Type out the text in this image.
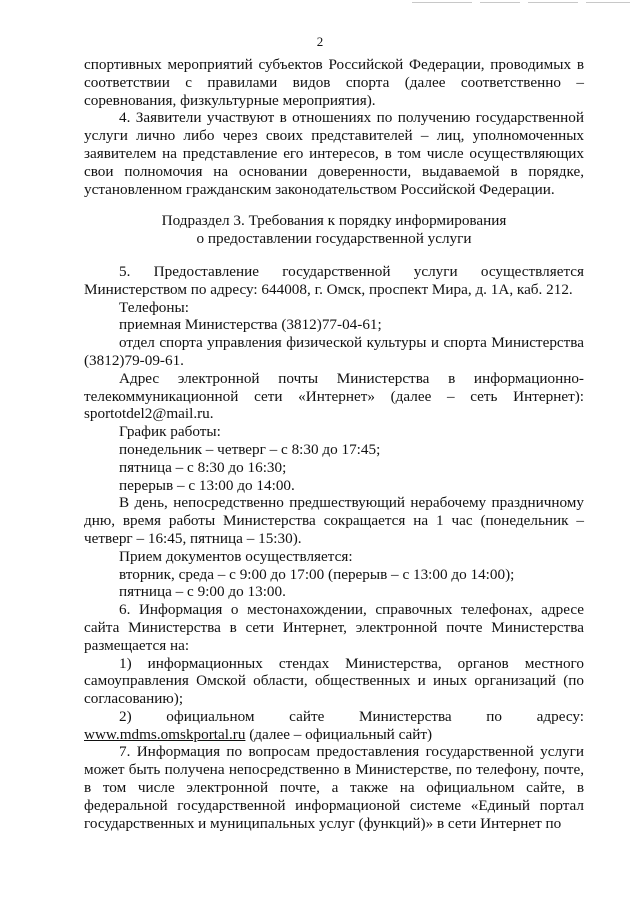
2

спортивных мероприятий субъектов Российской Федерации, проводимых в соответствии с правилами видов спорта (далее соответственно – соревнования, физкультурные мероприятия).

4. Заявители участвуют в отношениях по получению государственной услуги лично либо через своих представителей – лиц, уполномоченных заявителем на представление его интересов, в том числе осуществляющих свои полномочия на основании доверенности, выдаваемой в порядке, установленном гражданским законодательством Российской Федерации.

Подраздел 3. Требования к порядку информирования

о предоставлении государственной услуги

5. Предоставление государственной услуги осуществляется Министерством по адресу: 644008, г. Омск, проспект Мира, д. 1А, каб. 212.

Телефоны:

приемная Министерства (3812)77-04-61;

отдел спорта управления физической культуры и спорта Министерства (3812)79-09-61.

Адрес электронной почты Министерства в информационно-телекоммуникационной сети «Интернет» (далее – сеть Интернет): sportotdel2@mail.ru.

График работы:

понедельник – четверг – с 8:30 до 17:45;

пятница – с 8:30 до 16:30;

перерыв – с 13:00 до 14:00.

В день, непосредственно предшествующий нерабочему праздничному дню, время работы Министерства сокращается на 1 час (понедельник – четверг – 16:45, пятница – 15:30).

Прием документов осуществляется:

вторник, среда – с 9:00 до 17:00 (перерыв – с 13:00 до 14:00);

пятница – с 9:00 до 13:00.

6. Информация о местонахождении, справочных телефонах, адресе сайта Министерства в сети Интернет, электронной почте Министерства размещается на:

1) информационных стендах Министерства, органов местного самоуправления Омской области, общественных и иных организаций (по согласованию);

2) официальном сайте Министерства по адресу: www.mdms.omskportal.ru (далее – официальный сайт)

7. Информация по вопросам предоставления государственной услуги может быть получена непосредственно в Министерстве, по телефону, почте, в том числе электронной почте, а также на официальном сайте, в федеральной государственной информационой системе «Единый портал государственных и муниципальных услуг (функций)» в сети Интернет по
